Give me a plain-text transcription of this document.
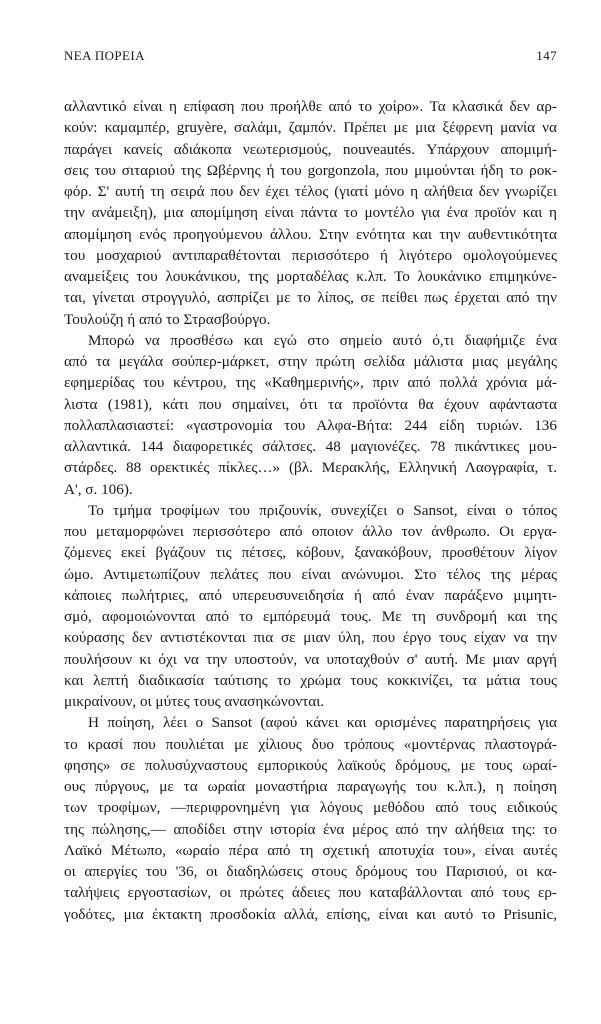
ΝΕΑ ΠΟΡΕΙΑ	147
αλλαντικό είναι η επίφαση που προήλθε από το χοίρο». Τα κλασικά δεν αρ-
κούν: καμαμπέρ, gruyère, σαλάμι, ζαμπόν. Πρέπει με μια ξέφρενη μανία να
παράγει κανείς αδιάκοπα νεωτερισμούς, nouveautés. Υπάρχουν απομιμή-
σεις του σιταριού της Ωβέρνης ή του gorgonzola, που μιμούνται ήδη το ροκ-
φόρ. Σ' αυτή τη σειρά που δεν έχει τέλος (γιατί μόνο η αλήθεια δεν γνωρίζει
την ανάμειξη), μια απομίμηση είναι πάντα το μοντέλο για ένα προϊόν και η
απομίμηση ενός προηγούμενου άλλου. Στην ενότητα και την αυθεντικότητα
του μοσχαριού αντιπαραθέτονται περισσότερο ή λιγότερο ομολογούμενες
αναμείξεις του λουκάνικου, της μορταδέλας κ.λπ. Το λουκάνικο επιμηκύνε-
ται, γίνεται στρογγυλό, ασπρίζει με το λίπος, σε πείθει πως έρχεται από την
Τουλούζη ή από το Στρασβούργο.
Μπορώ να προσθέσω και εγώ στο σημείο αυτό ό,τι διαφήμιζε ένα
από τα μεγάλα σούπερ-μάρκετ, στην πρώτη σελίδα μάλιστα μιας μεγάλης
εφημερίδας του κέντρου, της «Καθημερινής», πριν από πολλά χρόνια μά-
λιστα (1981), κάτι που σημαίνει, ότι τα προϊόντα θα έχουν αφάνταστα
πολλαπλασιαστεί: «γαστρονομία του Αλφα-Βήτα: 244 είδη τυριών. 136
αλλαντικά. 144 διαφορετικές σάλτσες. 48 μαγιονέζες. 78 πικάντικες μου-
στάρδες. 88 ορεκτικές πίκλες…» (βλ. Μερακλής, Ελληνική Λαογραφία, τ.
Α', σ. 106).
Το τμήμα τροφίμων του πριζουνίκ, συνεχίζει ο Sansot, είναι ο τόπος
που μεταμορφώνει περισσότερο από οποιον άλλο τον άνθρωπο. Οι εργα-
ζόμενες εκεί βγάζουν τις πέτσες, κόβουν, ξανακόβουν, προσθέτουν λίγον
ώμο. Αντιμετωπίζουν πελάτες που είναι ανώνυμοι. Στο τέλος της μέρας
κάποιες πωλήτριες, από υπερευσυνειδησία ή από έναν παράξενο μιμητι-
σμό, αφομοιώνονται από το εμπόρευμά τους. Με τη συνδρομή και της
κούρασης δεν αντιστέκονται πια σε μιαν ύλη, που έργο τους είχαν να την
πουλήσουν κι όχι να την υποστούν, να υποταχθούν σ' αυτή. Με μιαν αργή
και λεπτή διαδικασία ταύτισης το χρώμα τους κοκκινίζει, τα μάτια τους
μικραίνουν, οι μύτες τους ανασηκώνονται.
Η ποίηση, λέει ο Sansot (αφού κάνει και ορισμένες παρατηρήσεις για
το κρασί που πουλιέται με χίλιους δυο τρόπους «μοντέρνας πλαστογρά-
φησης» σε πολυσύχναστους εμπορικούς λαϊκούς δρόμους, με τους ωραί-
ους πύργους, με τα ωραία μοναστήρια παραγωγής του κ.λπ.), η ποίηση
των τροφίμων, —περιφρονημένη για λόγους μεθόδου από τους ειδικούς
της πώλησης,— αποδίδει στην ιστορία ένα μέρος από την αλήθεια της: το
Λαϊκό Μέτωπο, «ωραίο πέρα από τη σχετική αποτυχία του», είναι αυτές
οι απεργίες του '36, οι διαδηλώσεις στους δρόμους του Παρισιού, οι κα-
ταλήψεις εργοστασίων, οι πρώτες άδειες που καταβάλλονται από τους ερ-
γοδότες, μια έκτακτη προσδοκία αλλά, επίσης, είναι και αυτό το Prisunic,
